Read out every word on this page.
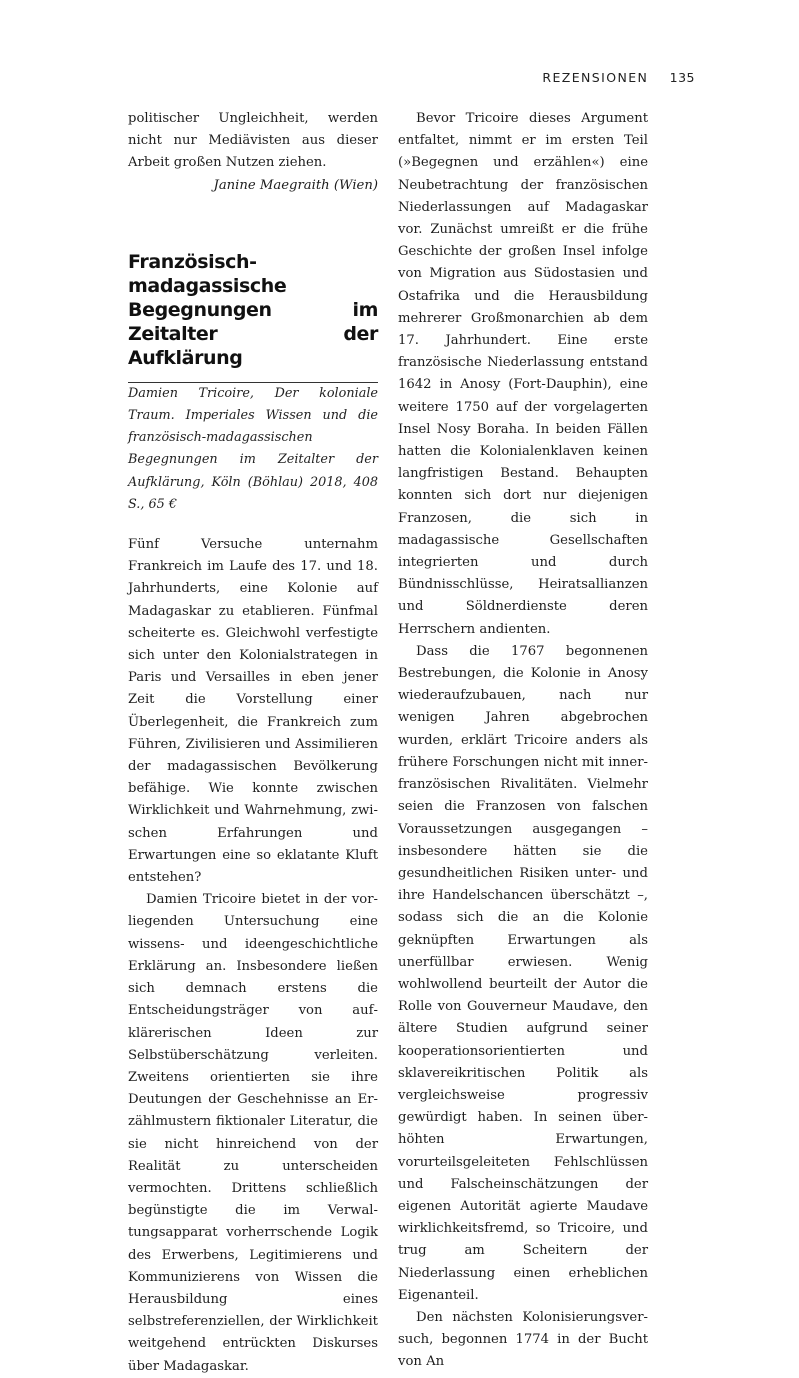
REZENSIONEN 135

politischer Ungleichheit, werden nicht nur Mediävisten aus dieser Arbeit großen Nutzen ziehen.

Janine Maegraith (Wien)

Französisch-madagassische Begegnungen im Zeitalter der Aufklärung

Damien Tricoire, Der koloniale Traum. Imperiales Wissen und die französisch-madagassischen Begegnungen im Zeitalter der Aufklärung, Köln (Böhlau) 2018, 408 S., 65 €

Fünf Versuche unternahm Frankreich im Laufe des 17. und 18. Jahrhunderts, eine Kolonie auf Madagaskar zu etablieren. Fünfmal scheiterte es. Gleichwohl verfestigte sich unter den Kolonialstrategen in Paris und Versailles in eben jener Zeit die Vorstellung einer Überlegenheit, die Frankreich zum Führen, Zivilisieren und Assimilieren der madagassischen Bevölkerung befähige. Wie konnte zwischen Wirklichkeit und Wahrnehmung, zwischen Erfahrungen und Erwartungen eine so eklatante Kluft entstehen?

Damien Tricoire bietet in der vorliegenden Untersuchung eine wissens- und ideengeschichtliche Erklärung an. Insbesondere ließen sich demnach erstens die Entscheidungsträger von aufklärerischen Ideen zur Selbstüberschätzung verleiten. Zweitens orientierten sie ihre Deutungen der Geschehnisse an Erzählmustern fiktionaler Literatur, die sie nicht hinreichend von der Realität zu unterscheiden vermochten. Drittens schließlich begünstigte die im Verwaltungsapparat vorherrschende Logik des Erwerbens, Legitimierens und Kommunizierens von Wissen die Herausbildung eines selbstreferenziellen, der Wirklichkeit weitgehend entrückten Diskurses über Madagaskar.

Bevor Tricoire dieses Argument entfaltet, nimmt er im ersten Teil (»Begegnen und erzählen«) eine Neubetrachtung der französischen Niederlassungen auf Madagaskar vor. Zunächst umreißt er die frühe Geschichte der großen Insel infolge von Migration aus Südostasien und Ostafrika und die Herausbildung mehrerer Großmonarchien ab dem 17. Jahrhundert. Eine erste französische Niederlassung entstand 1642 in Anosy (Fort-Dauphin), eine weitere 1750 auf der vorgelagerten Insel Nosy Boraha. In beiden Fällen hatten die Kolonialenklaven keinen langfristigen Bestand. Behaupten konnten sich dort nur diejenigen Franzosen, die sich in madagassische Gesellschaften integrierten und durch Bündnisschlüsse, Heiratsallianzen und Söldnerdienste deren Herrschern andienten.

Dass die 1767 begonnenen Bestrebungen, die Kolonie in Anosy wiederaufzubauen, nach nur wenigen Jahren abgebrochen wurden, erklärt Tricoire anders als frühere Forschungen nicht mit innerfranzösischen Rivalitäten. Vielmehr seien die Franzosen von falschen Voraussetzungen ausgegangen – insbesondere hätten sie die gesundheitlichen Risiken unter- und ihre Handelschancen überschätzt –, sodass sich die an die Kolonie geknüpften Erwartungen als unerfüllbar erwiesen. Wenig wohlwollend beurteilt der Autor die Rolle von Gouverneur Maudave, den ältere Studien aufgrund seiner kooperationsorientierten und sklavereikritischen Politik als vergleichsweise progressiv gewürdigt haben. In seinen überhöhten Erwartungen, vorurteilsgeleiteten Fehlschlüssen und Falscheinschätzungen der eigenen Autorität agierte Maudave wirklichkeitsfremd, so Tricoire, und trug am Scheitern der Niederlassung einen erheblichen Eigenanteil.

Den nächsten Kolonisierungsversuch, begonnen 1774 in der Bucht von An
